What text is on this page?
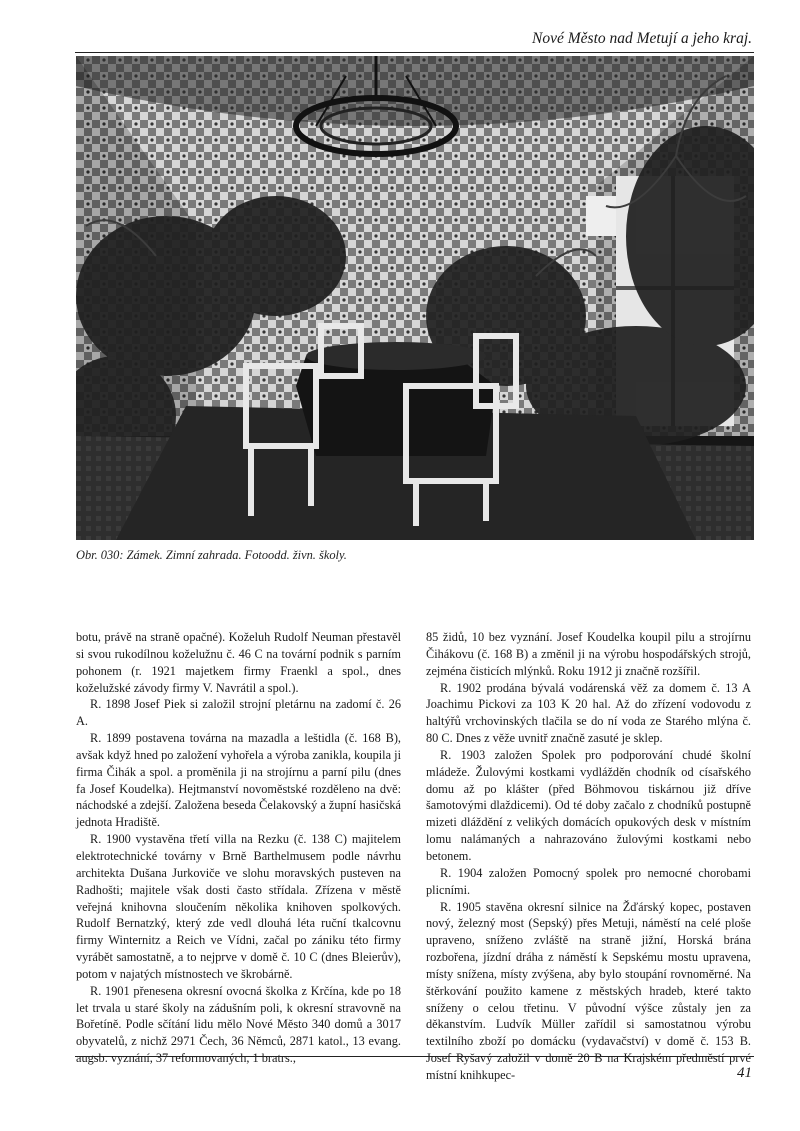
Nové Město nad Metují a jeho kraj.
Obr. 030: Zámek. Zimní zahrada. Fotoodd. živn. školy.

botu, právě na straně opačné). Koželuh Rudolf Neuman přestavěl si svou rukodílnou koželužnu č. 46 C na tovární podnik s parním pohonem (r. 1921 majetkem firmy Fraenkl a spol., dnes koželužské závody firmy V. Navrátil a spol.).

R. 1898 Josef Piek si založil strojní pletárnu na zadomí č. 26 A.

R. 1899 postavena továrna na mazadla a leštidla (č. 168 B), avšak když hned po založení vyhořela a výroba zanikla, koupila ji firma Čihák a spol. a proměnila ji na strojírnu a parní pilu (dnes fa Josef Koudelka). Hejtmanství novoměstské rozděleno na dvě: náchodské a zdejší. Založena beseda Čelakovský a župní hasičská jednota Hradiště.

R. 1900 vystavěna třetí villa na Rezku (č. 138 C) majitelem elektrotechnické továrny v Brně Barthelmusem podle návrhu architekta Dušana Jurkoviče ve slohu moravských pusteven na Radhošti; majitele však dosti často střídala. Zřízena v městě veřejná knihovna sloučením několika knihoven spolkových. Rudolf Bernatzký, který zde vedl dlouhá léta ruční tkalcovnu firmy Winternitz a Reich ve Vídni, začal po zániku této firmy vyrábět samostatně, a to nejprve v domě č. 10 C (dnes Bleierův), potom v najatých místnostech ve škrobárně.

R. 1901 přenesena okresní ovocná školka z Krčína, kde po 18 let trvala u staré školy na zádušním poli, k okresní stravovně na Bořetíně. Podle sčítání lidu mělo Nové Město 340 domů a 3017 obyvatelů, z nichž 2971 Čech, 36 Němců, 2871 katol., 13 evang. augsb. vyznání, 37 reformovaných, 1 bratrs.,

85 židů, 10 bez vyznání. Josef Koudelka koupil pilu a strojírnu Čihákovu (č. 168 B) a změnil ji na výrobu hospodářských strojů, zejména čisticích mlýnků. Roku 1912 ji značně rozšířil.

R. 1902 prodána bývalá vodárenská věž za domem č. 13 A Joachimu Pickovi za 103 K 20 hal. Až do zřízení vodovodu z haltýřů vrchovinských tlačila se do ní voda ze Starého mlýna č. 80 C. Dnes z věže uvnitř značně zasuté je sklep.

R. 1903 založen Spolek pro podporování chudé školní mládeže. Žulovými kostkami vydlážděn chodník od císařského domu až po klášter (před Böhmovou tiskárnou již dříve šamotovými dlaždicemi). Od té doby začalo z chodníků postupně mizeti dláždění z velikých domácích opukových desk v místním lomu nalámaných a nahrazováno žulovými kostkami nebo betonem.

R. 1904 založen Pomocný spolek pro nemocné chorobami plicními.

R. 1905 stavěna okresní silnice na Žďárský kopec, postaven nový, železný most (Sepský) přes Metuji, náměstí na celé ploše upraveno, sníženo zvláště na straně jižní, Horská brána rozbořena, jízdní dráha z náměstí k Sepskému mostu upravena, místy snížena, místy zvýšena, aby bylo stoupání rovnoměrné. Na štěrkování použito kamene z městských hradeb, které takto sníženy o celou třetinu. V původní výšce zůstaly jen za děkanstvím. Ludvík Müller zařídil si samostatnou výrobu textilního zboží po domácku (vydavačství) v domě č. 153 B. Josef Ryšavý založil v domě 20 B na Krajském předměstí prvé místní knihkupec-	41
